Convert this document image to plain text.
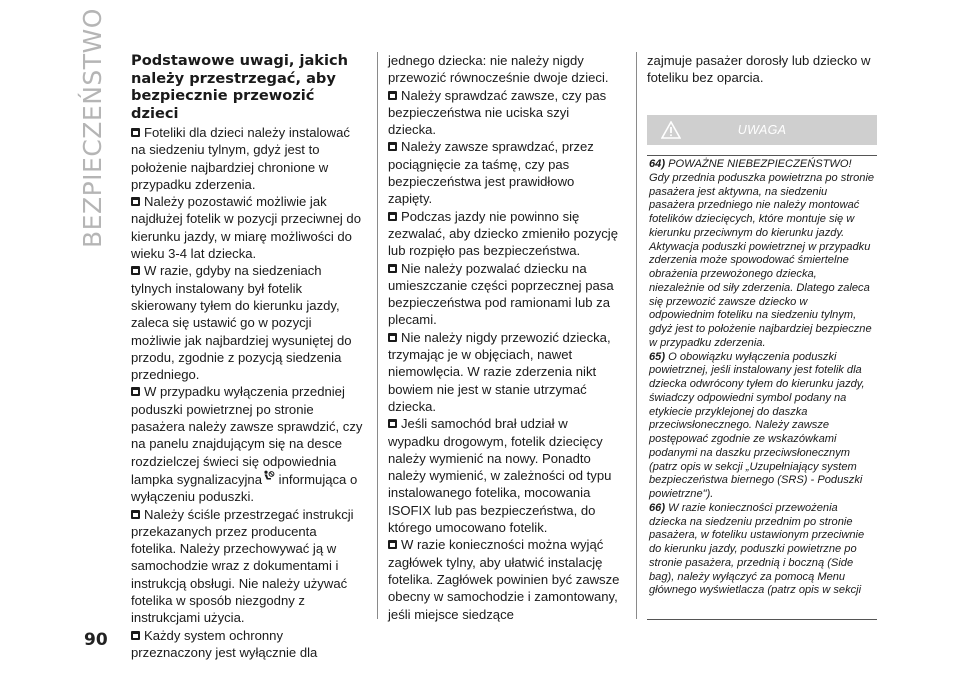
BEZPIECZEŃSTWO
90
Podstawowe uwagi, jakich należy przestrzegać, aby bezpiecznie przewozić dzieci

Foteliki dla dzieci należy instalować na siedzeniu tylnym, gdyż jest to położenie najbardziej chronione w przypadku zderzenia.

Należy pozostawić możliwie jak najdłużej fotelik w pozycji przeciwnej do kierunku jazdy, w miarę możliwości do wieku 3-4 lat dziecka.

W razie, gdyby na siedzeniach tylnych instalowany był fotelik skierowany tyłem do kierunku jazdy, zaleca się ustawić go w pozycji możliwie jak najbardziej wysuniętej do przodu, zgodnie z pozycją siedzenia przedniego.

W przypadku wyłączenia przedniej poduszki powietrznej po stronie pasażera należy zawsze sprawdzić, czy na panelu znajdującym się na desce rozdzielczej świeci się odpowiednia lampka sygnalizacyjna informująca o wyłączeniu poduszki.

Należy ściśle przestrzegać instrukcji przekazanych przez producenta fotelika. Należy przechowywać ją w samochodzie wraz z dokumentami i instrukcją obsługi. Nie należy używać fotelika w sposób niezgodny z instrukcjami użycia.

Każdy system ochronny przeznaczony jest wyłącznie dla

jednego dziecka: nie należy nigdy przewozić równocześnie dwoje dzieci.

Należy sprawdzać zawsze, czy pas bezpieczeństwa nie uciska szyi dziecka.

Należy zawsze sprawdzać, przez pociągnięcie za taśmę, czy pas bezpieczeństwa jest prawidłowo zapięty.

Podczas jazdy nie powinno się zezwalać, aby dziecko zmieniło pozycję lub rozpięło pas bezpieczeństwa.

Nie należy pozwalać dziecku na umieszczanie części poprzecznej pasa bezpieczeństwa pod ramionami lub za plecami.

Nie należy nigdy przewozić dziecka, trzymając je w objęciach, nawet niemowlęcia. W razie zderzenia nikt bowiem nie jest w stanie utrzymać dziecka.

Jeśli samochód brał udział w wypadku drogowym, fotelik dziecięcy należy wymienić na nowy. Ponadto należy wymienić, w zależności od typu instalowanego fotelika, mocowania ISOFIX lub pas bezpieczeństwa, do którego umocowano fotelik.

W razie konieczności można wyjąć zagłówek tylny, aby ułatwić instalację fotelika. Zagłówek powinien być zawsze obecny w samochodzie i zamontowany, jeśli miejsce siedzące

zajmuje pasażer dorosły lub dziecko w foteliku bez oparcia.

UWAGA

64) POWAŻNE NIEBEZPIECZEŃSTWO! Gdy przednia poduszka powietrzna po stronie pasażera jest aktywna, na siedzeniu pasażera przedniego nie należy montować fotelików dziecięcych, które montuje się w kierunku przeciwnym do kierunku jazdy. Aktywacja poduszki powietrznej w przypadku zderzenia może spowodować śmiertelne obrażenia przewożonego dziecka, niezależnie od siły zderzenia. Dlatego zaleca się przewozić zawsze dziecko w odpowiednim foteliku na siedzeniu tylnym, gdyż jest to położenie najbardziej bezpieczne w przypadku zderzenia.

65) O obowiązku wyłączenia poduszki powietrznej, jeśli instalowany jest fotelik dla dziecka odwrócony tyłem do kierunku jazdy, świadczy odpowiedni symbol podany na etykiecie przyklejonej do daszka przeciwsłonecznego. Należy zawsze postępować zgodnie ze wskazówkami podanymi na daszku przeciwsłonecznym (patrz opis w sekcji „Uzupełniający system bezpieczeństwa biernego (SRS) - Poduszki powietrzne").

66) W razie konieczności przewożenia dziecka na siedzeniu przednim po stronie pasażera, w foteliku ustawionym przeciwnie do kierunku jazdy, poduszki powietrzne po stronie pasażera, przednią i boczną (Side bag), należy wyłączyć za pomocą Menu głównego wyświetlacza (patrz opis w sekcji
